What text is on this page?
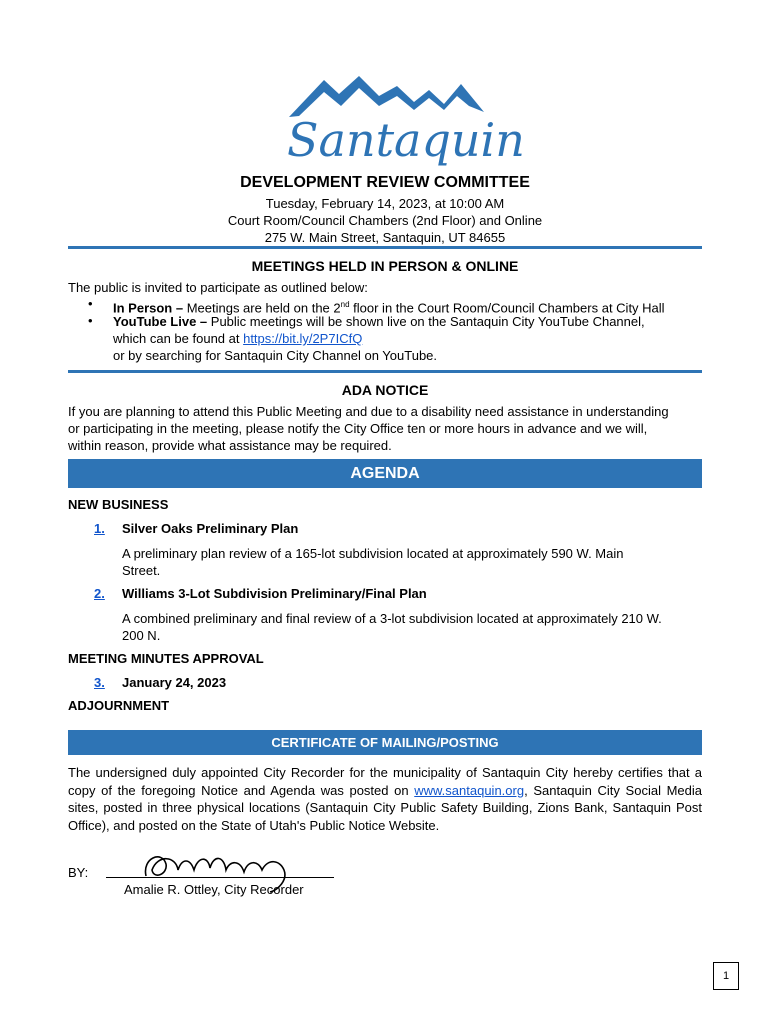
Santaquin
DEVELOPMENT REVIEW COMMITTEE
Tuesday, February 14, 2023, at 10:00 AM
Court Room/Council Chambers (2nd Floor) and Online
275 W. Main Street, Santaquin, UT 84655
MEETINGS HELD IN PERSON & ONLINE
The public is invited to participate as outlined below:
• In Person – Meetings are held on the 2nd floor in the Court Room/Council Chambers at City Hall
• YouTube Live – Public meetings will be shown live on the Santaquin City YouTube Channel,
which can be found at https://bit.ly/2P7ICfQ
or by searching for Santaquin City Channel on YouTube.
ADA NOTICE
If you are planning to attend this Public Meeting and due to a disability need assistance in understanding
or participating in the meeting, please notify the City Office ten or more hours in advance and we will,
within reason, provide what assistance may be required.
AGENDA
NEW BUSINESS
1. Silver Oaks Preliminary Plan
A preliminary plan review of a 165-lot subdivision located at approximately 590 W. Main Street.
2. Williams 3-Lot Subdivision Preliminary/Final Plan
A combined preliminary and final review of a 3-lot subdivision located at approximately 210 W. 200 N.
MEETING MINUTES APPROVAL
3. January 24, 2023
ADJOURNMENT
CERTIFICATE OF MAILING/POSTING
The undersigned duly appointed City Recorder for the municipality of Santaquin City hereby certifies that a copy of the foregoing Notice and Agenda was posted on www.santaquin.org, Santaquin City Social Media sites, posted in three physical locations (Santaquin City Public Safety Building, Zions Bank, Santaquin Post Office), and posted on the State of Utah's Public Notice Website.
BY:
Amalie R. Ottley, City Recorder
1
